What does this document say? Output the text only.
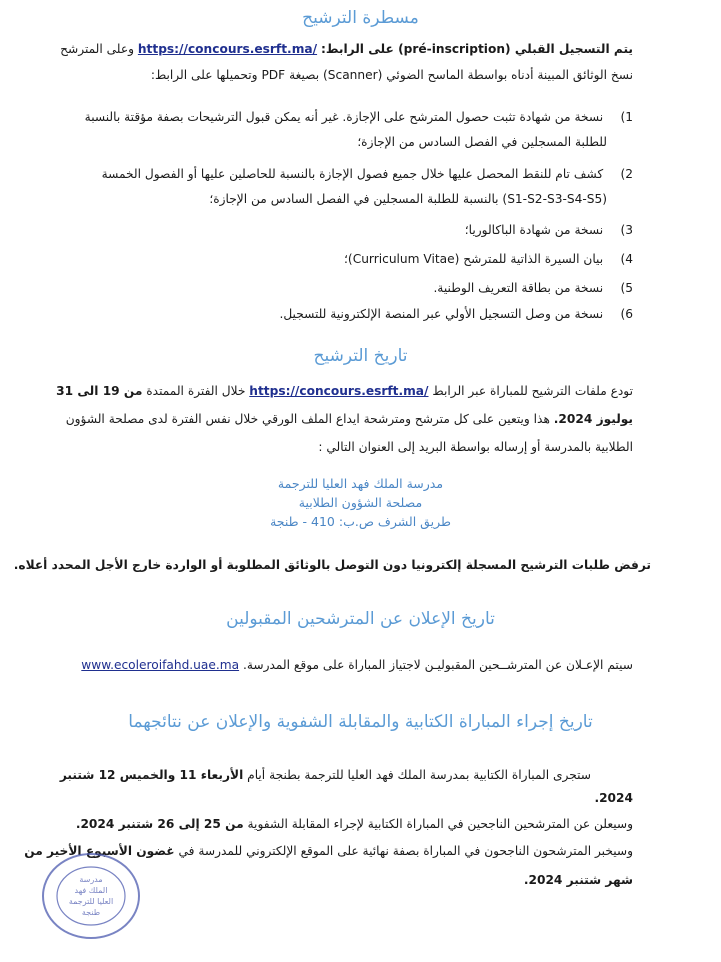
مسطرة الترشيح
يتم التسجيل القبلي (pré-inscription) على الرابط: https://concours.esrft.ma/ وعلى المترشح
نسخ الوثائق المبينة أدناه بواسطة الماسح الضوئي (Scanner) بصيغة PDF وتحميلها على الرابط:
1) نسخة من شهادة تثبت حصول المترشح على الإجازة. غير أنه يمكن قبول الترشيحات بصفة مؤقتة بالنسبة
للطلبة المسجلين في الفصل السادس من الإجازة؛
2) كشف تام للنقط المحصل عليها خلال جميع فصول الإجازة بالنسبة للحاصلين عليها أو الفصول الخمسة
(S1-S2-S3-S4-S5) بالنسبة للطلبة المسجلين في الفصل السادس من الإجازة؛
3) نسخة من شهادة الباكالوريا؛
4) بيان السيرة الذاتية للمترشح (Curriculum Vitae)؛
5) نسخة من بطاقة التعريف الوطنية.
6) نسخة من وصل التسجيل الأولي عبر المنصة الإلكترونية للتسجيل.
تاريخ الترشيح
تودع ملفات الترشيح للمباراة عبر الرابط https://concours.esrft.ma/ خلال الفترة الممتدة من 19 الى 31
يوليوز 2024. هذا ويتعين على كل مترشح ومترشحة ايداع الملف الورقي خلال نفس الفترة لدى مصلحة الشؤون
الطلابية بالمدرسة أو إرساله بواسطة البريد إلى العنوان التالي :
مدرسة الملك فهد العليا للترجمة
مصلحة الشؤون الطلابية
طريق الشرف ص.ب: 410 - طنجة
ترفض طلبات الترشيح المسجلة إلكترونيا دون التوصل بالوثائق المطلوبة أو الواردة خارج الأجل المحدد أعلاه.
تاريخ الإعلان عن المترشحين المقبولين
سيتم الإعـلان عن المترشــحين المقبوليـن لاجتياز المباراة على موقع المدرسة. www.ecoleroifahd.uae.ma
تاريخ إجراء المباراة الكتابية والمقابلة الشفوية والإعلان عن نتائجهما
ستجرى المباراة الكتابية بمدرسة الملك فهد العليا للترجمة بطنجة أيام الأربعاء 11 والخميس 12 شتنبر
2024.
وسيعلن عن المترشحين الناجحين في المباراة الكتابية لإجراء المقابلة الشفوية من 25 إلى 26 شتنبر 2024.
وسيخبر المترشحون الناجحون في المباراة بصفة نهائية على الموقع الإلكتروني للمدرسة في غضون الأسبوع الأخير من
شهر شتنبر 2024.
مدرسة
الملك فهد
العليا للترجمة
طنجة
